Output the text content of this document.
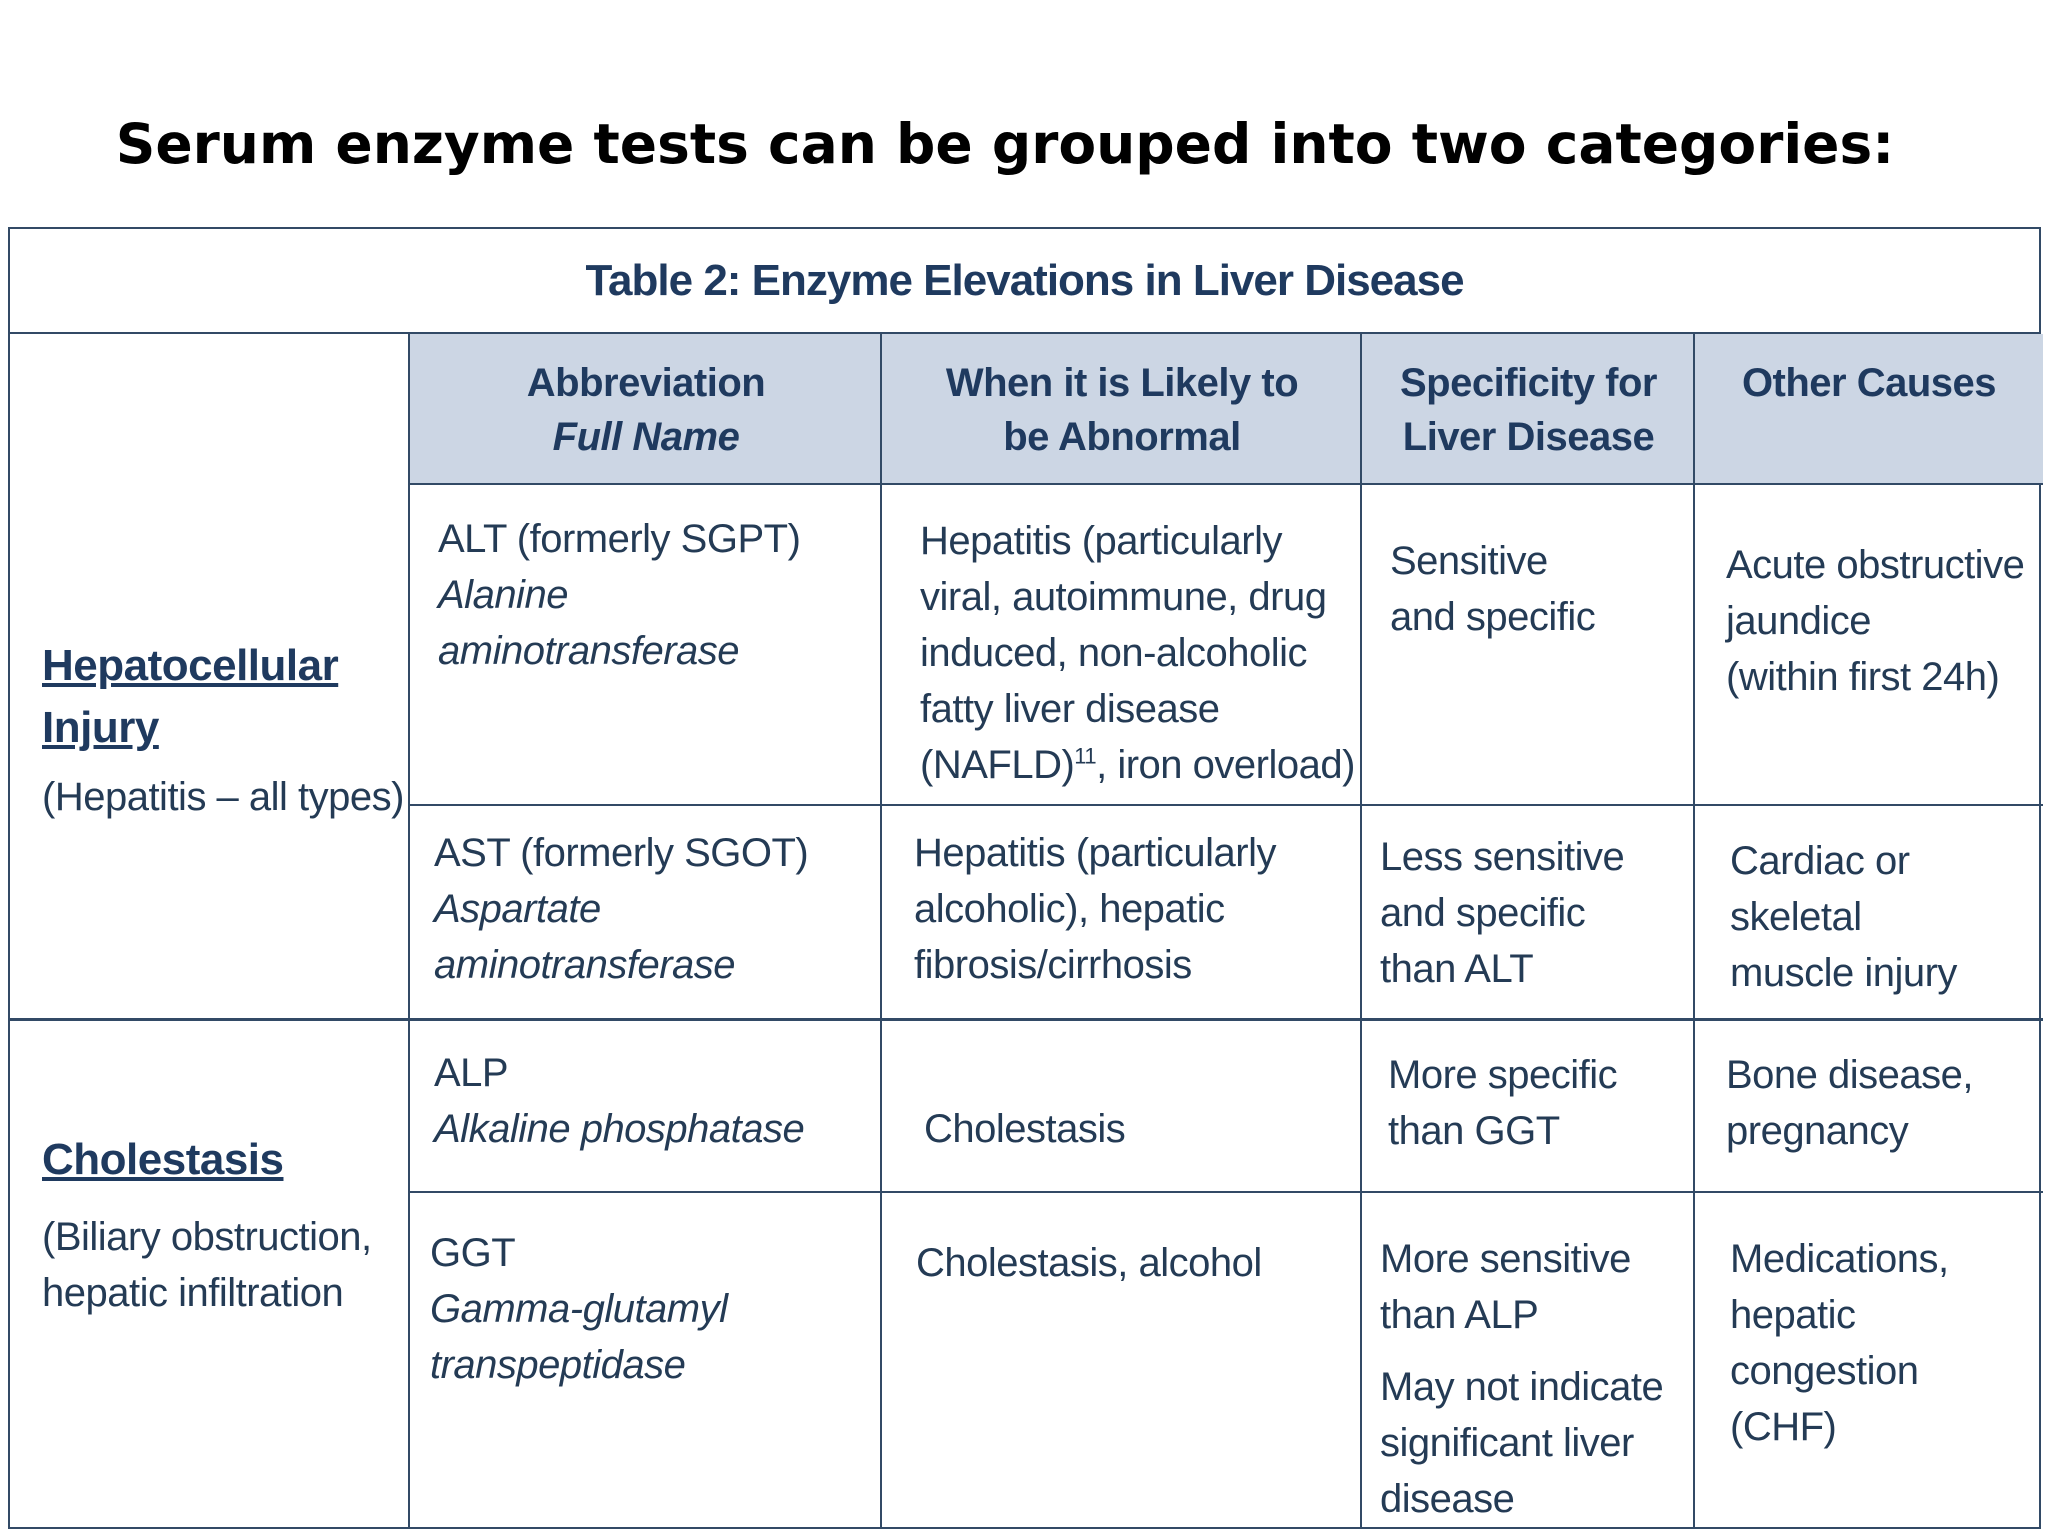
Serum enzyme tests can be grouped into two categories:
Table 2: Enzyme Elevations in Liver Disease
Abbreviation
Full Name
When it is Likely to
be Abnormal
Specificity for
Liver Disease
Other Causes
Hepatocellular
Injury
(Hepatitis – all types)
Cholestasis
(Biliary obstruction,
hepatic infiltration
ALT (formerly SGPT)
Alanine
aminotransferase
Hepatitis (particularly
viral, autoimmune, drug
induced, non-alcoholic
fatty liver disease
(NAFLD)$^{11}$, iron overload)
Sensitive
and specific
Acute obstructive
jaundice
(within first 24h)
AST (formerly SGOT)
Aspartate
aminotransferase
Hepatitis (particularly
alcoholic), hepatic
fibrosis/cirrhosis
Less sensitive
and specific
than ALT
Cardiac or
skeletal
muscle injury
ALP
Alkaline phosphatase	Cholestasis
More specific
than GGT
Bone disease,
pregnancy
GGT
Gamma-glutamyl
transpeptidase
Cholestasis, alcohol	More sensitive
than ALP
May not indicate
significant liver
disease
Medications,
hepatic
congestion
(CHF)
